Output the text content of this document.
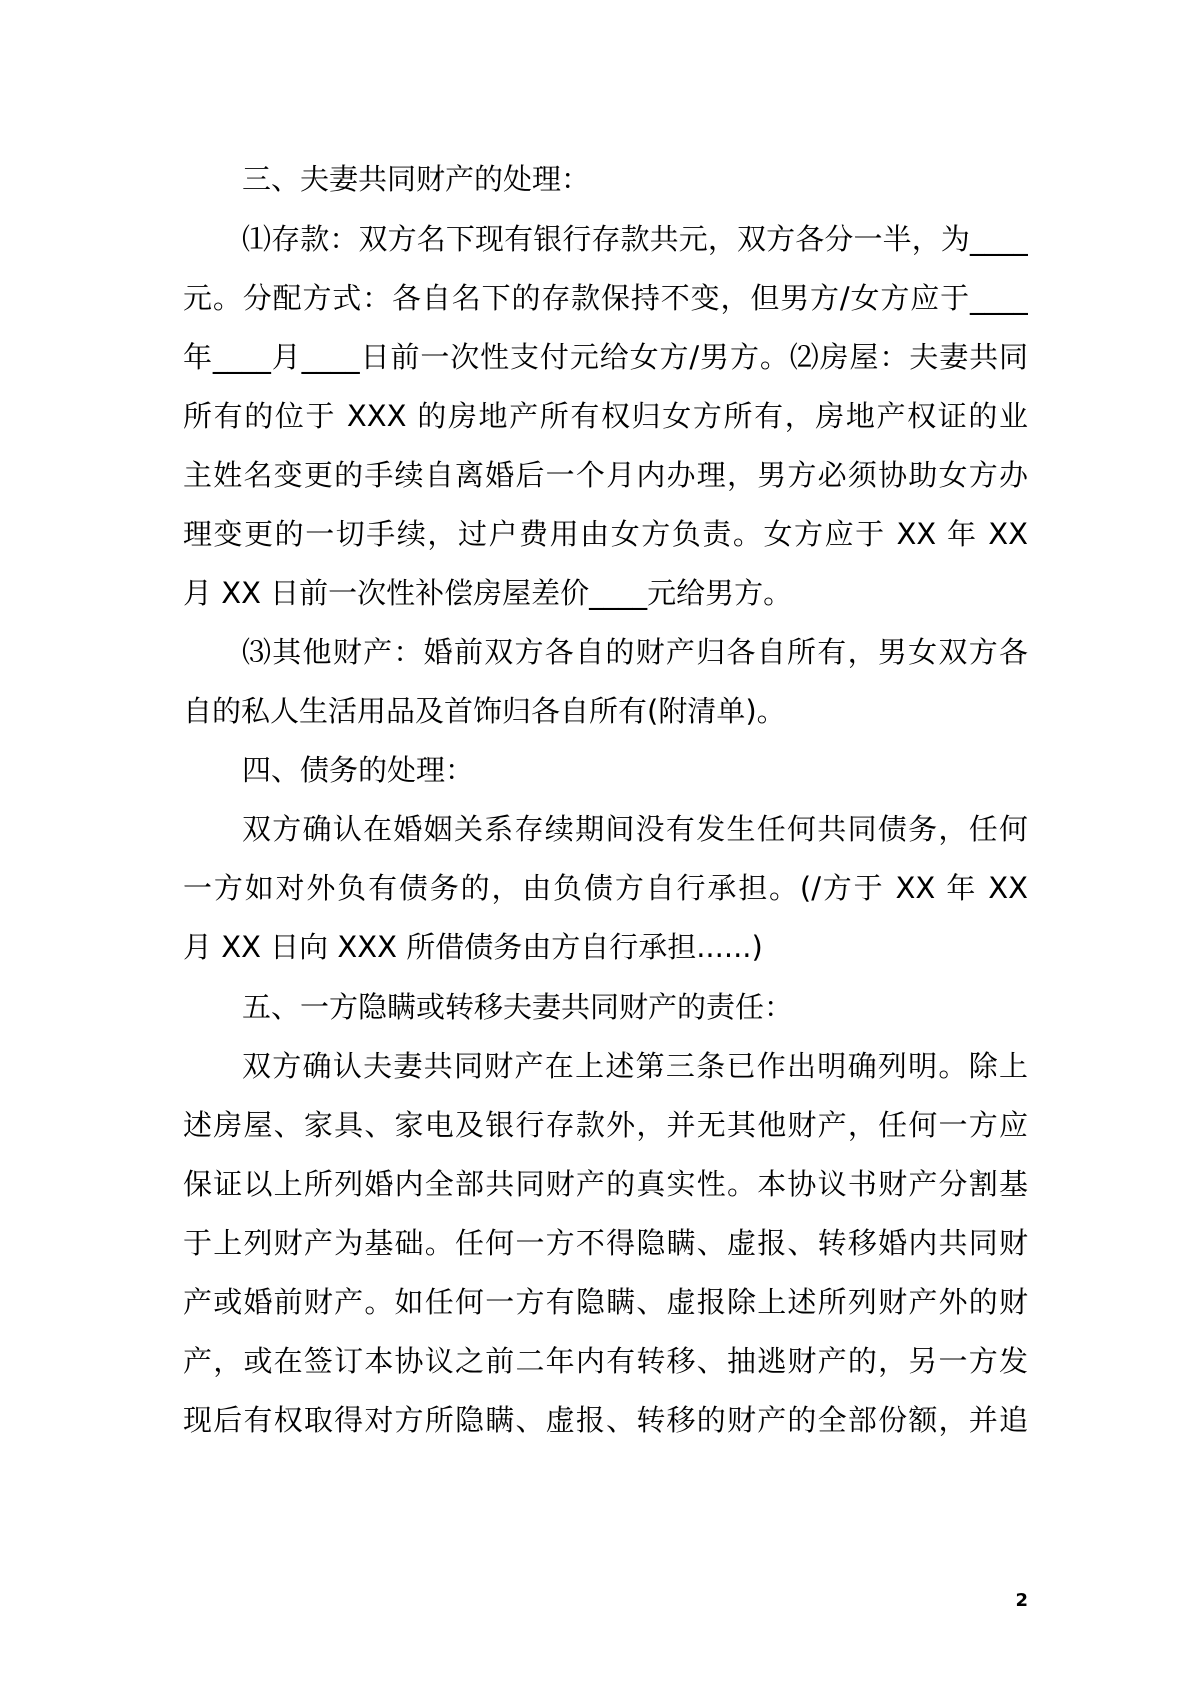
三、夫妻共同财产的处理：
⑴存款：双方名下现有银行存款共元，双方各分一半，为____
元。分配方式：各自名下的存款保持不变，但男方/女方应于____
年____月____日前一次性支付元给女方/男方。⑵房屋：夫妻共同
所有的位于 XXX 的房地产所有权归女方所有，房地产权证的业
主姓名变更的手续自离婚后一个月内办理，男方必须协助女方办
理变更的一切手续，过户费用由女方负责。女方应于 XX 年 XX
月 XX 日前一次性补偿房屋差价____元给男方。
⑶其他财产：婚前双方各自的财产归各自所有，男女双方各
自的私人生活用品及首饰归各自所有(附清单)。
四、债务的处理：
双方确认在婚姻关系存续期间没有发生任何共同债务，任何
一方如对外负有债务的，由负债方自行承担。(/方于 XX 年 XX
月 XX 日向 XXX 所借债务由方自行承担......)
五、一方隐瞒或转移夫妻共同财产的责任：
双方确认夫妻共同财产在上述第三条已作出明确列明。除上
述房屋、家具、家电及银行存款外，并无其他财产，任何一方应
保证以上所列婚内全部共同财产的真实性。本协议书财产分割基
于上列财产为基础。任何一方不得隐瞒、虚报、转移婚内共同财
产或婚前财产。如任何一方有隐瞒、虚报除上述所列财产外的财
产，或在签订本协议之前二年内有转移、抽逃财产的，另一方发
现后有权取得对方所隐瞒、虚报、转移的财产的全部份额，并追
2
